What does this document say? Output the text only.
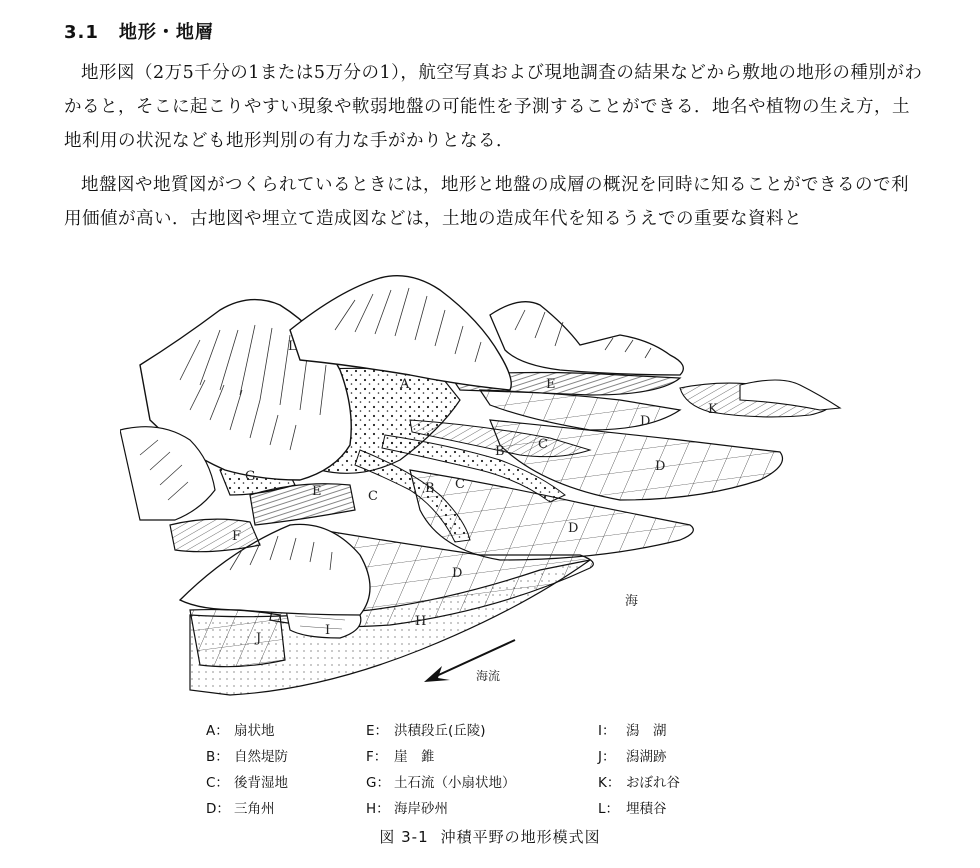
3.1 地形・地層

地形図（2万5千分の1または5万分の1），航空写真および現地調査の結果などから敷地の地形の種別がわかると，そこに起こりやすい現象や軟弱地盤の可能性を予測することができる．地名や植物の生え方，土地利用の状況なども地形判別の有力な手がかりとなる．

地盤図や地質図がつくられているときには，地形と地盤の成層の概況を同時に知ることができるので利用価値が高い．古地図や埋立て造成図などは，土地の造成年代を知るうえでの重要な資料と

L
A	E
K
D
C
B
D
G
E	C
B C
D
F
D
I
H
J
海
海流
A： 扇状地
B： 自然堤防
C： 後背湿地
D： 三角州
E： 洪積段丘(丘陵)
F： 崖　錐
G： 土石流（小扇状地）
H： 海岸砂州
I： 潟　湖
J： 潟湖跡
K： おぼれ谷
L： 埋積谷
図 3-1 沖積平野の地形模式図
